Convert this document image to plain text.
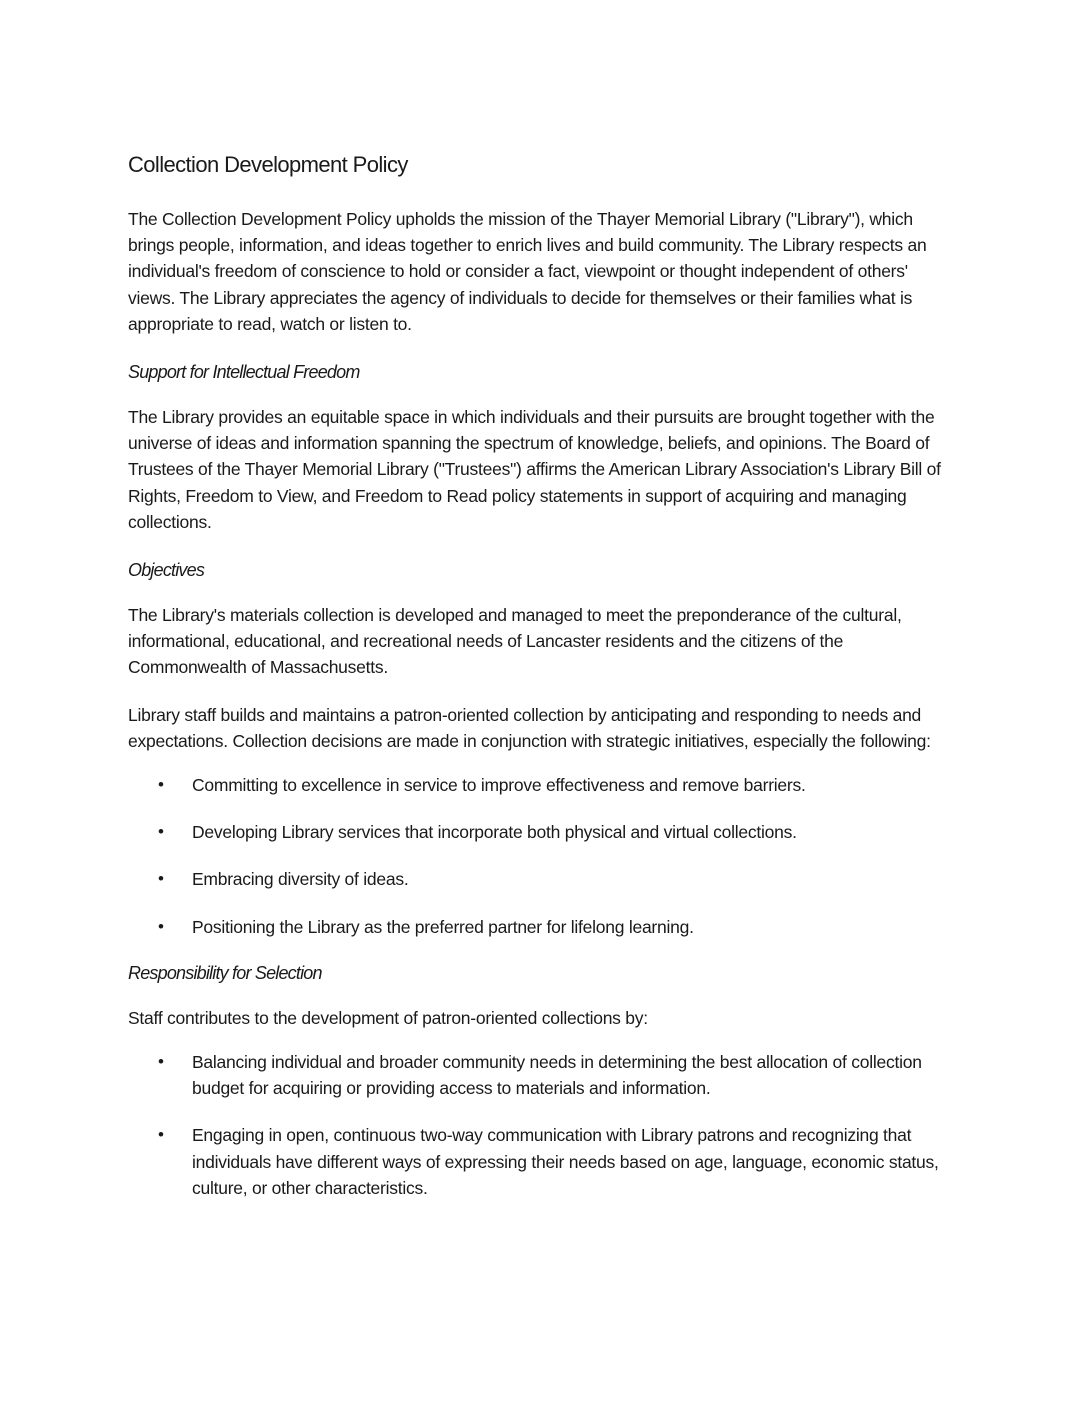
Collection Development Policy

The Collection Development Policy upholds the mission of the Thayer Memorial Library ("Library"), which brings people, information, and ideas together to enrich lives and build community. The Library respects an individual's freedom of conscience to hold or consider a fact, viewpoint or thought independent of others' views. The Library appreciates the agency of individuals to decide for themselves or their families what is appropriate to read, watch or listen to.

Support for Intellectual Freedom

The Library provides an equitable space in which individuals and their pursuits are brought together with the universe of ideas and information spanning the spectrum of knowledge, beliefs, and opinions. The Board of Trustees of the Thayer Memorial Library ("Trustees") affirms the American Library Association's Library Bill of Rights, Freedom to View, and Freedom to Read policy statements in support of acquiring and managing collections.

Objectives

The Library's materials collection is developed and managed to meet the preponderance of the cultural, informational, educational, and recreational needs of Lancaster residents and the citizens of the Commonwealth of Massachusetts.

Library staff builds and maintains a patron-oriented collection by anticipating and responding to needs and expectations. Collection decisions are made in conjunction with strategic initiatives, especially the following:

• Committing to excellence in service to improve effectiveness and remove barriers.
• Developing Library services that incorporate both physical and virtual collections.
• Embracing diversity of ideas.
• Positioning the Library as the preferred partner for lifelong learning.
Responsibility for Selection

Staff contributes to the development of patron-oriented collections by:

• Balancing individual and broader community needs in determining the best allocation of collection budget for acquiring or providing access to materials and information.
• Engaging in open, continuous two-way communication with Library patrons and recognizing that individuals have different ways of expressing their needs based on age, language, economic status, culture, or other characteristics.
